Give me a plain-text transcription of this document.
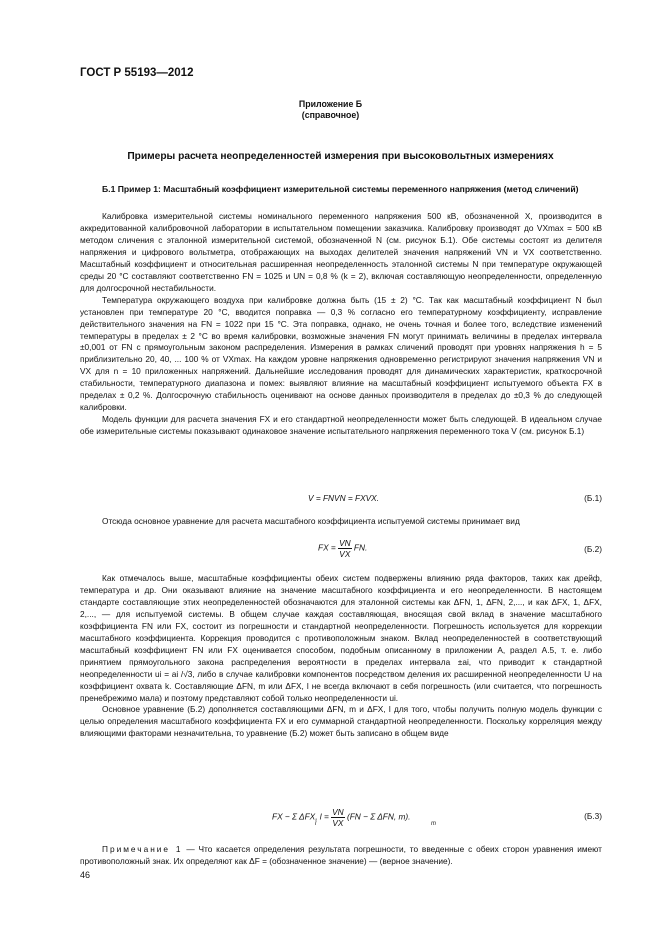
ГОСТ Р 55193—2012
Приложение Б
(справочное)
Примеры расчета неопределенностей измерения при высоковольтных измерениях
Б.1 Пример 1: Масштабный коэффициент измерительной системы переменного напряжения (метод сличений)

Калибровка измерительной системы номинального переменного напряжения 500 кВ, обозначенной X, производится в аккредитованной калибровочной лаборатории в испытательном помещении заказчика. Калибровку производят до VXmax = 500 кВ методом сличения с эталонной измерительной системой, обозначенной N (см. рисунок Б.1). Обе системы состоят из делителя напряжения и цифрового вольтметра, отображающих на выходах делителей значения напряжений VN и VX соответственно. Масштабный коэффициент и относительная расширенная неопределенность эталонной системы N при температуре окружающей среды 20 °С составляют соответственно FN = 1025 и UN = 0,8 % (k = 2), включая составляющую неопределенности, определенную для долгосрочной нестабильности.

Температура окружающего воздуха при калибровке должна быть (15 ± 2) °С. Так как масштабный коэффициент N был установлен при температуре 20 °С, вводится поправка — 0,3 % согласно его температурному коэффициенту, исправление действительного значения на FN = 1022 при 15 °С. Эта поправка, однако, не очень точная и более того, вследствие изменений температуры в пределах ± 2 °С во время калибровки, возможные значения FN могут принимать величины в пределах интервала ±0,001 от FN с прямоугольным законом распределения. Измерения в рамках сличений проводят при уровнях напряжения h = 5 приблизительно 20, 40, ... 100 % от VXmax. На каждом уровне напряжения одновременно регистрируют значения напряжения VN и VX для n = 10 приложенных напряжений. Дальнейшие исследования проводят для динамических характеристик, краткосрочной стабильности, температурного диапазона и помех: выявляют влияние на масштабный коэффициент испытуемого объекта FX в пределах ± 0,2 %. Долгосрочную стабильность оценивают на основе данных производителя в пределах до ±0,3 % до следующей калибровки.

Модель функции для расчета значения FX и его стандартной неопределенности может быть следующей. В идеальном случае обе измерительные системы показывают одинаковое значение испытательного напряжения переменного тока V (см. рисунок Б.1)

V = FNVN = FXVX.	(Б.1)

Отсюда основное уравнение для расчета масштабного коэффициента испытуемой системы принимает вид

FX = $\frac{VN}{VX}$ FN.	(Б.2)

Как отмечалось выше, масштабные коэффициенты обеих систем подвержены влиянию ряда факторов, таких как дрейф, температура и др. Они оказывают влияние на значение масштабного коэффициента и его неопределенности. В настоящем стандарте составляющие этих неопределенностей обозначаются для эталонной системы как ΔFN, 1, ΔFN, 2,..., и как ΔFX, 1, ΔFX, 2,..., — для испытуемой системы. В общем случае каждая составляющая, вносящая свой вклад в значение масштабного коэффициента FN или FX, состоит из погрешности и стандартной неопределенности. Погрешность используется для коррекции масштабного коэффициента. Коррекция проводится с противоположным знаком. Вклад неопределенностей в соответствующий масштабный коэффициент FN или FX оценивается способом, подобным описанному в приложении А, раздел А.5, т. е. либо принятием прямоугольного закона распределения вероятности в пределах интервала ±ai, что приводит к стандартной неопределенности ui = ai /√3, либо в случае калибровки компонентов посредством деления их расширенной неопределенности U на коэффициент охвата k. Составляющие ΔFN, m или ΔFX, l не всегда включают в себя погрешность (или считается, что погрешность пренебрежимо мала) и поэтому представляют собой только неопределенности ui.

Основное уравнение (Б.2) дополняется составляющими ΔFN, m и ΔFX, l для того, чтобы получить полную модель функции с целью определения масштабного коэффициента FX и его суммарной стандартной неопределенности. Поскольку корреляция между влияющими факторами незначительна, то уравнение (Б.2) может быть записано в общем виде

FX − Σ ΔFX, $l = \frac{VN}{VX} (FN - \Sigma$ ΔFN, m).
l	m
(Б.3)

Примечание 1 — Что касается определения результата погрешности, то введенные с обеих сторон уравнения имеют противоположный знак. Их определяют как ΔF = (обозначенное значение) — (верное значение).

46
